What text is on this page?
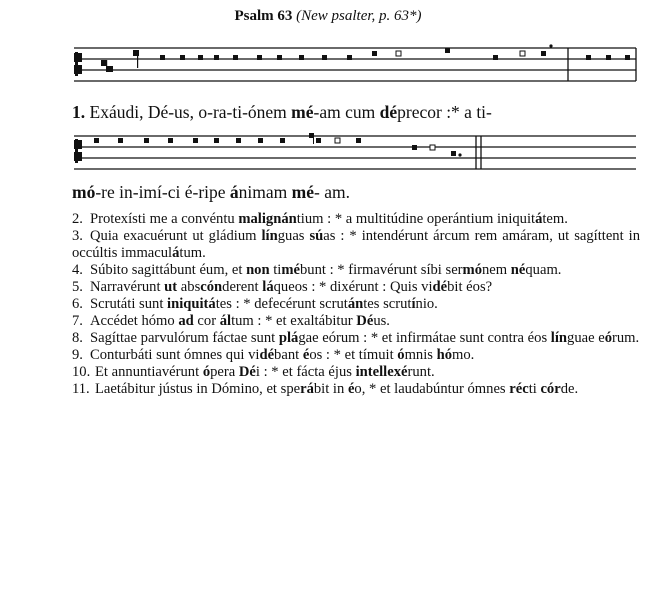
Psalm 63 (New psalter, p. 63*)
1. Exáudi, Dé-us, o-ra-ti-ónem mé-am cum déprecor :* a ti-
mó-re in-imí-ci é-ripe ánimam mé- am.
2. Protexísti me a convéntu malignántium : * a multitúdine operántium iniquitátem.
3. Quia exacuérunt ut gládium línguas súas : * intendérunt árcum rem amáram, ut sagíttent in occúltis immaculátum.
4. Súbito sagittábunt éum, et non timébunt : * firmavérunt síbi sermónem néquam.
5. Narravérunt ut abscónderent láqueos : * dixérunt : Quis vidébit éos?
6. Scrutáti sunt iniquitátes : * defecérunt scrutántes scrutínio.
7. Accédet hómo ad cor áltum : * et exaltábitur Déus.
8. Sagíttae parvulórum fáctae sunt plágae eórum : * et infirmátae sunt contra éos línguae eórum.
9. Conturbáti sunt ómnes qui vidébant éos : * et tímuit ómnis hómo.
10. Et annuntiavérunt ópera Déi : * et fácta éjus intellexérunt.
11. Laetábitur jústus in Dómino, et sperábit in éo, * et laudabúntur ómnes récti córde.
